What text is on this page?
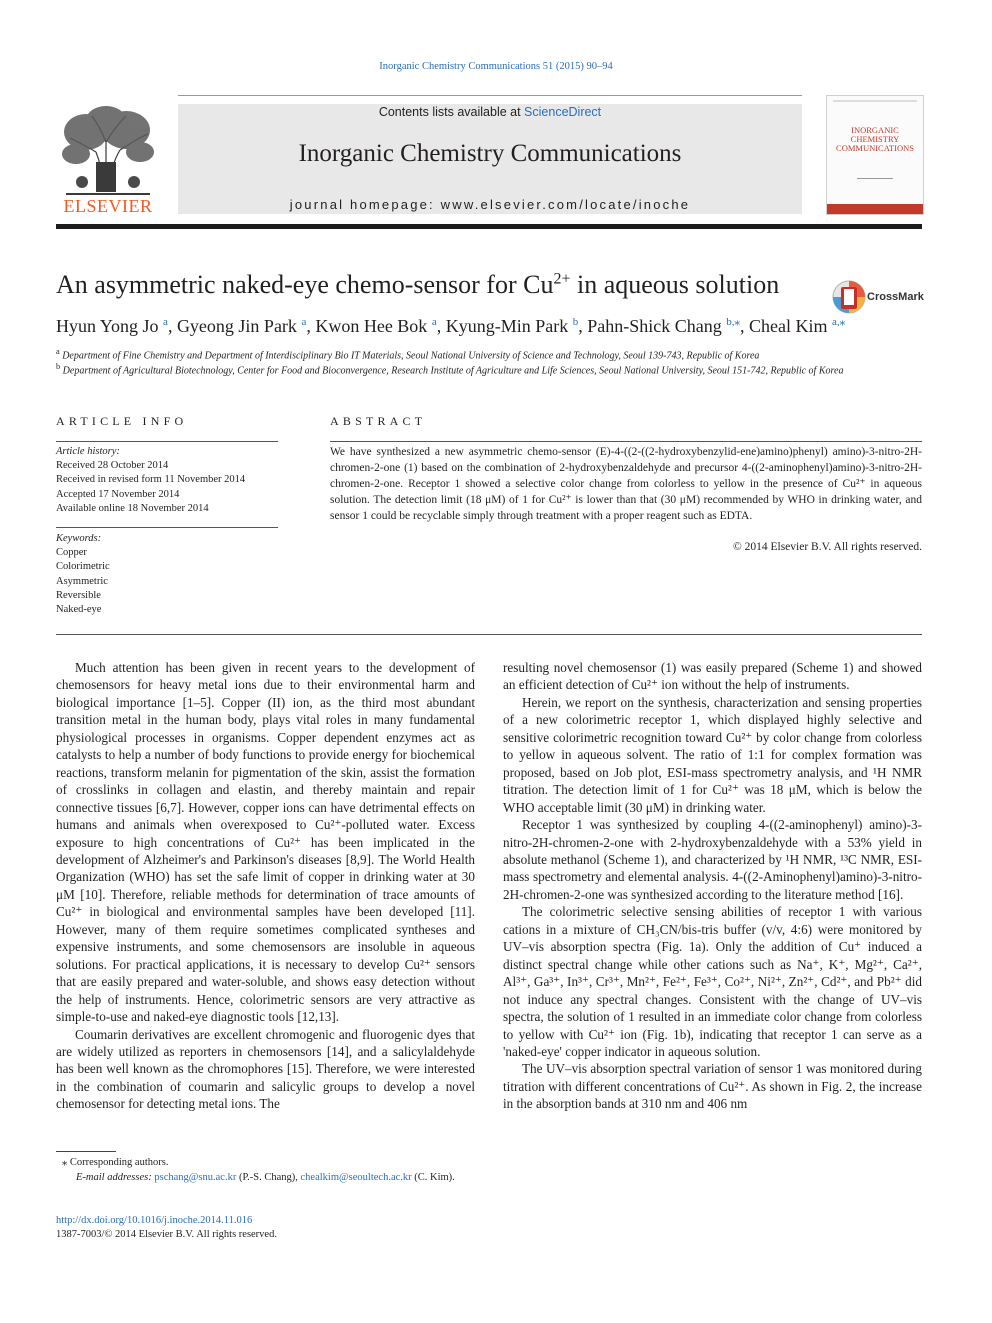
Inorganic Chemistry Communications 51 (2015) 90–94
Contents lists available at ScienceDirect
Inorganic Chemistry Communications
journal homepage: www.elsevier.com/locate/inoche
ELSEVIER
INORGANIC CHEMISTRY COMMUNICATIONS
An asymmetric naked-eye chemo-sensor for $Cu^{2+}$ in aqueous solution	CrossMark
Hyun Yong Jo $^a$, Gyeong Jin Park $^a$, Kwon Hee Bok $^a$, Kyung-Min Park $^b$, Pahn-Shick Chang $^{b,⁎}$, Cheal Kim $^{a,⁎}$
$^a$ Department of Fine Chemistry and Department of Interdisciplinary Bio IT Materials, Seoul National University of Science and Technology, Seoul 139-743, Republic of Korea
$^b$ Department of Agricultural Biotechnology, Center for Food and Bioconvergence, Research Institute of Agriculture and Life Sciences, Seoul National University, Seoul 151-742, Republic of Korea
ARTICLE INFO
Article history:
Received 28 October 2014
Received in revised form 11 November 2014
Accepted 17 November 2014
Available online 18 November 2014
Keywords:
Copper
Colorimetric
Asymmetric
Reversible
Naked-eye
ABSTRACT
We have synthesized a new asymmetric chemo-sensor (E)-4-((2-((2-hydroxybenzylid-ene)amino)phenyl) amino)-3-nitro-2H-chromen-2-one (1) based on the combination of 2-hydroxybenzaldehyde and precursor 4-((2-aminophenyl)amino)-3-nitro-2H-chromen-2-one. Receptor 1 showed a selective color change from colorless to yellow in the presence of Cu²⁺ in aqueous solution. The detection limit (18 μM) of 1 for Cu²⁺ is lower than that (30 μM) recommended by WHO in drinking water, and sensor 1 could be recyclable simply through treatment with a proper reagent such as EDTA.
© 2014 Elsevier B.V. All rights reserved.

Much attention has been given in recent years to the development of chemosensors for heavy metal ions due to their environmental harm and biological importance [1–5]. Copper (II) ion, as the third most abundant transition metal in the human body, plays vital roles in many fundamental physiological processes in organisms. Copper dependent enzymes act as catalysts to help a number of body functions to provide energy for biochemical reactions, transform melanin for pigmentation of the skin, assist the formation of crosslinks in collagen and elastin, and thereby maintain and repair connective tissues [6,7]. However, copper ions can have detrimental effects on humans and animals when overexposed to Cu²⁺-polluted water. Excess exposure to high concentrations of Cu²⁺ has been implicated in the development of Alzheimer's and Parkinson's diseases [8,9]. The World Health Organization (WHO) has set the safe limit of copper in drinking water at 30 μM [10]. Therefore, reliable methods for determination of trace amounts of Cu²⁺ in biological and environmental samples have been developed [11]. However, many of them require sometimes complicated syntheses and expensive instruments, and some chemosensors are insoluble in aqueous solutions. For practical applications, it is necessary to develop Cu²⁺ sensors that are easily prepared and water-soluble, and shows easy detection without the help of instruments. Hence, colorimetric sensors are very attractive as simple-to-use and naked-eye diagnostic tools [12,13].

Coumarin derivatives are excellent chromogenic and fluorogenic dyes that are widely utilized as reporters in chemosensors [14], and a salicylaldehyde has been well known as the chromophores [15]. Therefore, we were interested in the combination of coumarin and salicylic groups to develop a novel chemosensor for detecting metal ions. The

resulting novel chemosensor (1) was easily prepared (Scheme 1) and showed an efficient detection of Cu²⁺ ion without the help of instruments.

Herein, we report on the synthesis, characterization and sensing properties of a new colorimetric receptor 1, which displayed highly selective and sensitive colorimetric recognition toward Cu²⁺ by color change from colorless to yellow in aqueous solvent. The ratio of 1:1 for complex formation was proposed, based on Job plot, ESI-mass spectrometry analysis, and ¹H NMR titration. The detection limit of 1 for Cu²⁺ was 18 μM, which is below the WHO acceptable limit (30 μM) in drinking water.

Receptor 1 was synthesized by coupling 4-((2-aminophenyl) amino)-3-nitro-2H-chromen-2-one with 2-hydroxybenzaldehyde with a 53% yield in absolute methanol (Scheme 1), and characterized by ¹H NMR, ¹³C NMR, ESI-mass spectrometry and elemental analysis. 4-((2-Aminophenyl)amino)-3-nitro-2H-chromen-2-one was synthesized according to the literature method [16].

The colorimetric selective sensing abilities of receptor 1 with various cations in a mixture of CH₃CN/bis-tris buffer (v/v, 4:6) were monitored by UV–vis absorption spectra (Fig. 1a). Only the addition of Cu⁺ induced a distinct spectral change while other cations such as Na⁺, K⁺, Mg²⁺, Ca²⁺, Al³⁺, Ga³⁺, In³⁺, Cr³⁺, Mn²⁺, Fe²⁺, Fe³⁺, Co²⁺, Ni²⁺, Zn²⁺, Cd²⁺, and Pb²⁺ did not induce any spectral changes. Consistent with the change of UV–vis spectra, the solution of 1 resulted in an immediate color change from colorless to yellow with Cu²⁺ ion (Fig. 1b), indicating that receptor 1 can serve as a 'naked-eye' copper indicator in aqueous solution.

The UV–vis absorption spectral variation of sensor 1 was monitored during titration with different concentrations of Cu²⁺. As shown in Fig. 2, the increase in the absorption bands at 310 nm and 406 nm

⁎ Corresponding authors.
E-mail addresses: pschang@snu.ac.kr (P.-S. Chang), chealkim@seoultech.ac.kr (C. Kim).
http://dx.doi.org/10.1016/j.inoche.2014.11.016
1387-7003/© 2014 Elsevier B.V. All rights reserved.
